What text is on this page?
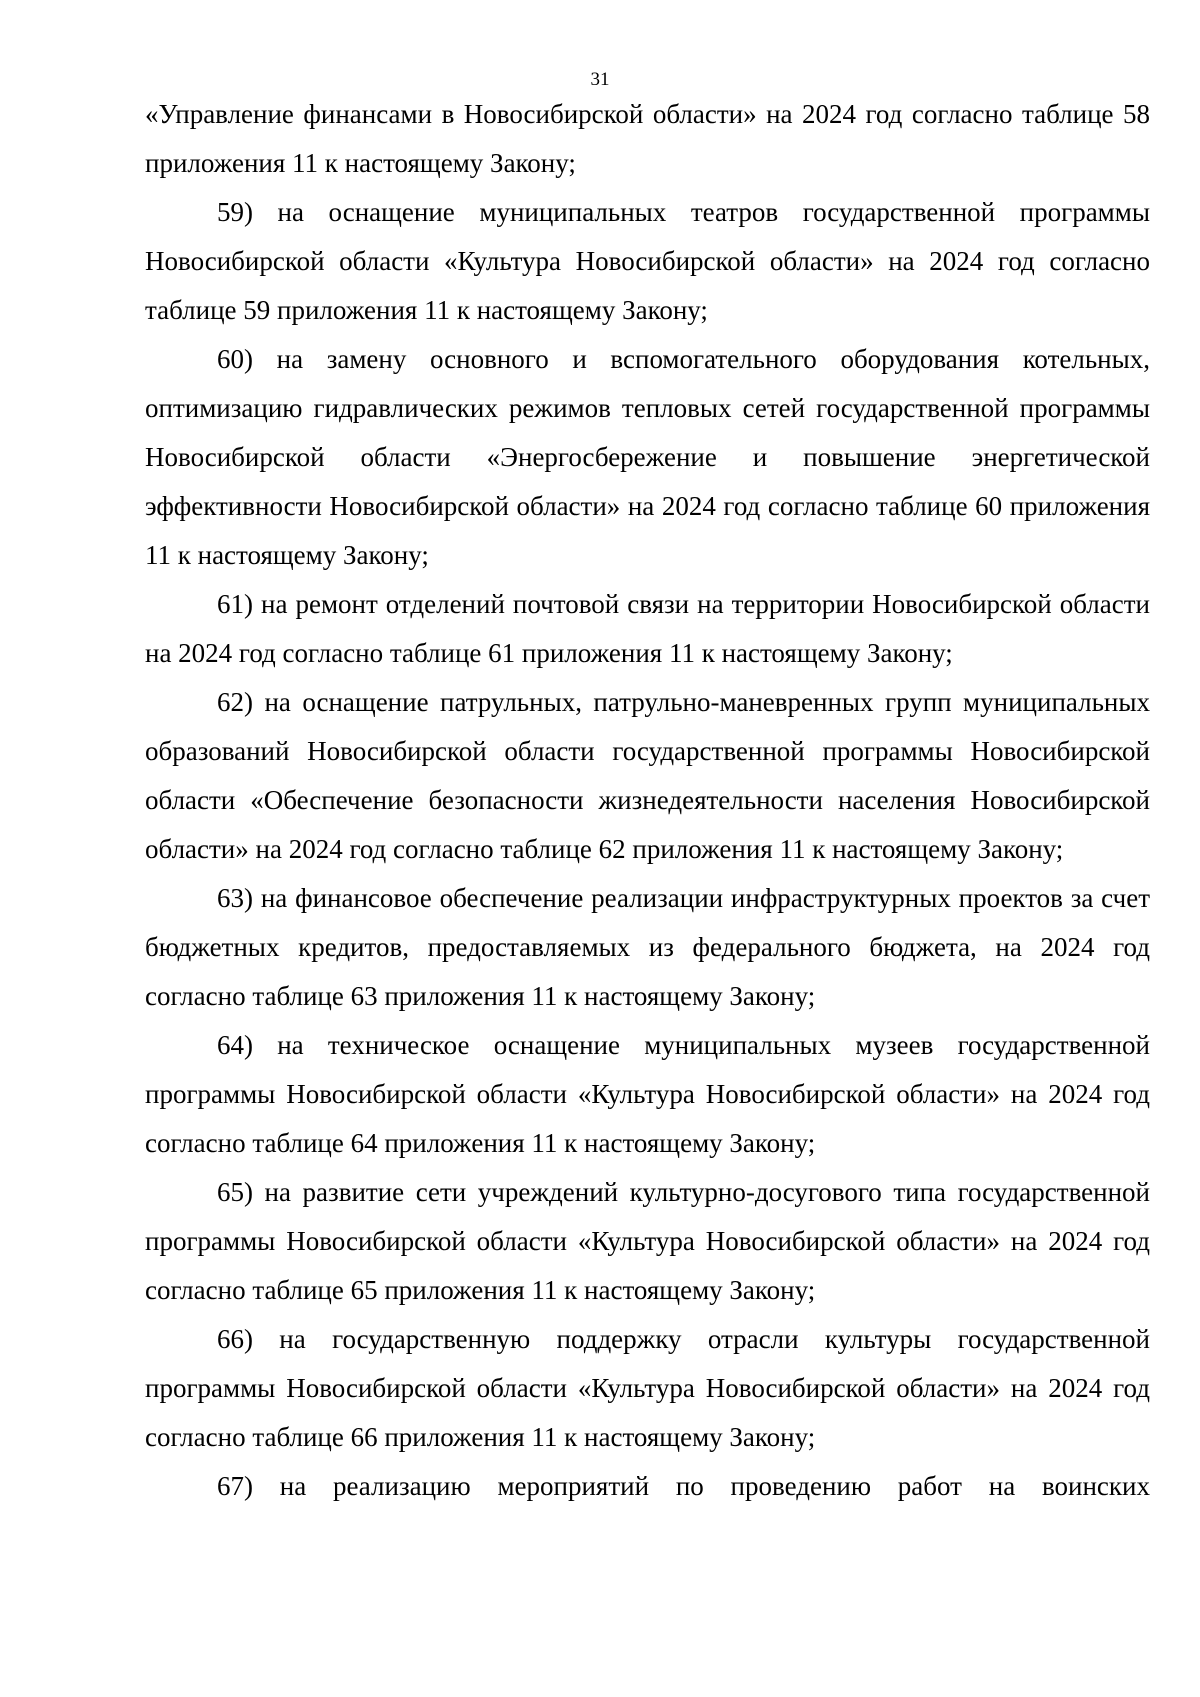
31

«Управление финансами в Новосибирской области» на 2024 год согласно таблице 58 приложения 11 к настоящему Закону;

59) на оснащение муниципальных театров государственной программы Новосибирской области «Культура Новосибирской области» на 2024 год согласно таблице 59 приложения 11 к настоящему Закону;

60) на замену основного и вспомогательного оборудования котельных, оптимизацию гидравлических режимов тепловых сетей государственной программы Новосибирской области «Энергосбережение и повышение энергетической эффективности Новосибирской области» на 2024 год согласно таблице 60 приложения 11 к настоящему Закону;

61) на ремонт отделений почтовой связи на территории Новосибирской области на 2024 год согласно таблице 61 приложения 11 к настоящему Закону;

62) на оснащение патрульных, патрульно-маневренных групп муниципальных образований Новосибирской области государственной программы Новосибирской области «Обеспечение безопасности жизнедеятельности населения Новосибирской области» на 2024 год согласно таблице 62 приложения 11 к настоящему Закону;

63) на финансовое обеспечение реализации инфраструктурных проектов за счет бюджетных кредитов, предоставляемых из федерального бюджета, на 2024 год согласно таблице 63 приложения 11 к настоящему Закону;

64) на техническое оснащение муниципальных музеев государственной программы Новосибирской области «Культура Новосибирской области» на 2024 год согласно таблице 64 приложения 11 к настоящему Закону;

65) на развитие сети учреждений культурно-досугового типа государственной программы Новосибирской области «Культура Новосибирской области» на 2024 год согласно таблице 65 приложения 11 к настоящему Закону;

66) на государственную поддержку отрасли культуры государственной программы Новосибирской области «Культура Новосибирской области» на 2024 год согласно таблице 66 приложения 11 к настоящему Закону;

67) на реализацию мероприятий по проведению работ на воинских
